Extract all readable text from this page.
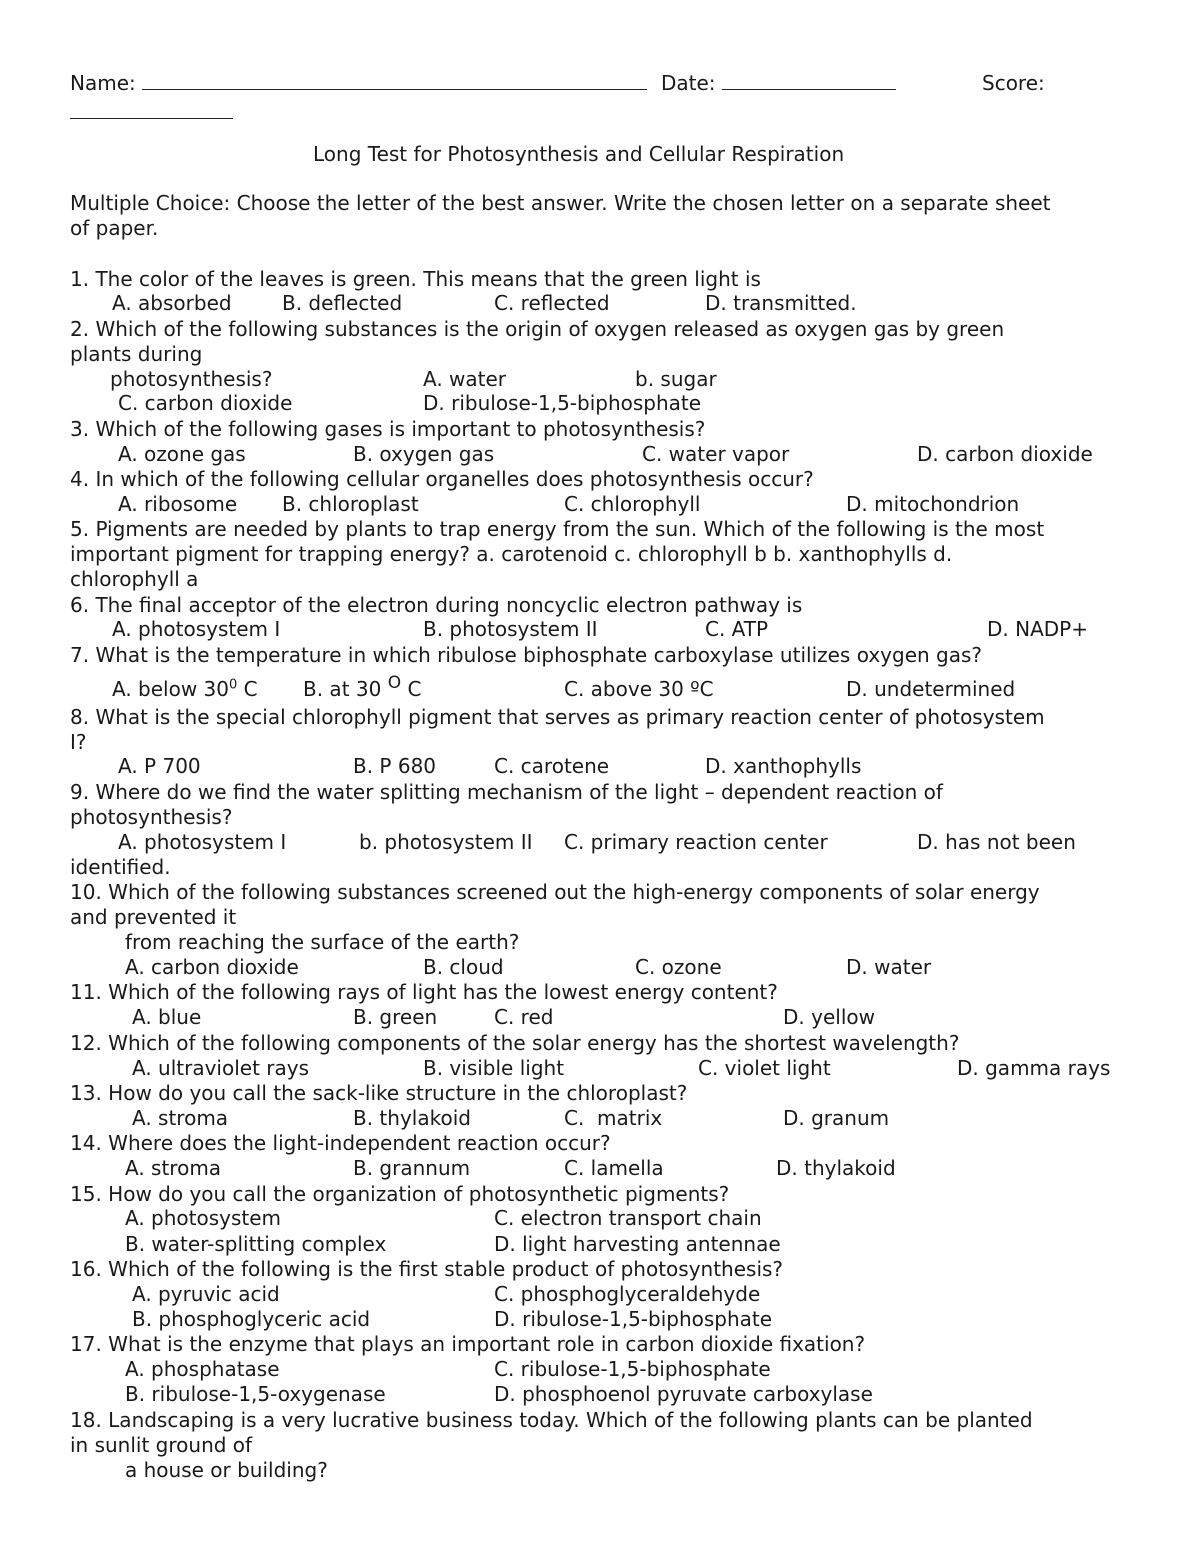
Name:	Date:	Score:
Long Test for Photosynthesis and Cellular Respiration
Multiple Choice: Choose the letter of the best answer. Write the chosen letter on a separate sheet
of paper.
1. The color of the leaves is green. This means that the green light is
A. absorbed	B. deflected	C. reflected	D. transmitted.
2. Which of the following substances is the origin of oxygen released as oxygen gas by green
plants during
photosynthesis?	A. water	b. sugar
C. carbon dioxide	D. ribulose-1,5-biphosphate
3. Which of the following gases is important to photosynthesis?
A. ozone gas	B. oxygen gas	C. water vapor	D. carbon dioxide
4. In which of the following cellular organelles does photosynthesis occur?
A. ribosome B. chloroplast	C. chlorophyll	D. mitochondrion
5. Pigments are needed by plants to trap energy from the sun. Which of the following is the most
important pigment for trapping energy? a. carotenoid c. chlorophyll b b. xanthophylls d.
chlorophyll a
6. The final acceptor of the electron during noncyclic electron pathway is
A. photosystem I	B. photosystem II	C. ATP	D. NADP+
7. What is the temperature in which ribulose biphosphate carboxylase utilizes oxygen gas?
A. below $30^0$ C B. at 30 $^O$ C	C. above 30 ºC	D. undetermined
8. What is the special chlorophyll pigment that serves as primary reaction center of photosystem
I?
A. P 700	B. P 680	C. carotene	D. xanthophylls
9. Where do we find the water splitting mechanism of the light – dependent reaction of
photosynthesis?
A. photosystem I	b. photosystem II C. primary reaction center	D. has not been
identified.
10. Which of the following substances screened out the high-energy components of solar energy
and prevented it
from reaching the surface of the earth?
A. carbon dioxide	B. cloud	C. ozone	D. water
11. Which of the following rays of light has the lowest energy content?
A. blue	B. green	C. red	D. yellow
12. Which of the following components of the solar energy has the shortest wavelength?
A. ultraviolet rays	B. visible light	C. violet light	D. gamma rays
13. How do you call the sack-like structure in the chloroplast?
A. stroma	B. thylakoid	C.  matrix	D. granum
14. Where does the light-independent reaction occur?
A. stroma	B. grannum	C. lamella	D. thylakoid
15. How do you call the organization of photosynthetic pigments?
A. photosystem	C. electron transport chain
B. water-splitting complex	D. light harvesting antennae
16. Which of the following is the first stable product of photosynthesis?
A. pyruvic acid	C. phosphoglyceraldehyde
B. phosphoglyceric acid	D. ribulose-1,5-biphosphate
17. What is the enzyme that plays an important role in carbon dioxide fixation?
A. phosphatase	C. ribulose-1,5-biphosphate
B. ribulose-1,5-oxygenase	D. phosphoenol pyruvate carboxylase
18. Landscaping is a very lucrative business today. Which of the following plants can be planted
in sunlit ground of
a house or building?
